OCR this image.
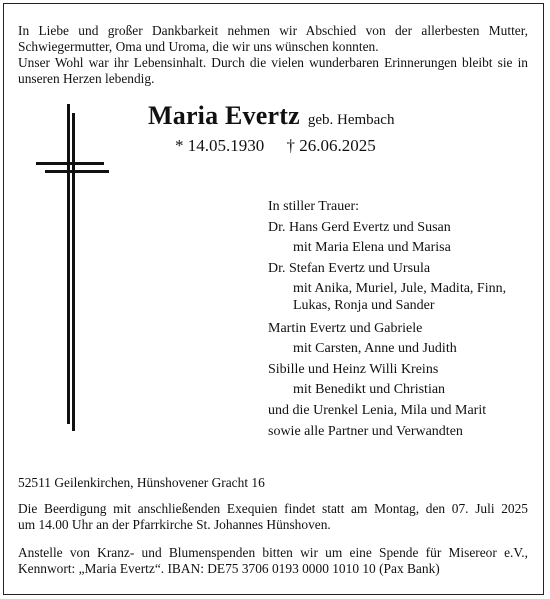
In Liebe und großer Dankbarkeit nehmen wir Abschied von der allerbesten Mutter,

Schwiegermutter, Oma und Uroma, die wir uns wünschen konnten.

Unser Wohl war ihr Lebensinhalt. Durch die vielen wunderbaren Erinnerungen bleibt sie in

unseren Herzen lebendig.

Maria Evertz geb. Hembach
* 14.05.1930 † 26.06.2025
In stiller Trauer:
Dr. Hans Gerd Evertz und Susan
mit Maria Elena und Marisa
Dr. Stefan Evertz und Ursula
mit Anika, Muriel, Jule, Madita, Finn,
Lukas, Ronja und Sander
Martin Evertz und Gabriele
mit Carsten, Anne und Judith
Sibille und Heinz Willi Kreins
mit Benedikt und Christian
und die Urenkel Lenia, Mila und Marit
sowie alle Partner und Verwandten
52511 Geilenkirchen, Hünshovener Gracht 16

Die Beerdigung mit anschließenden Exequien findet statt am Montag, den 07. Juli 2025

um 14.00 Uhr an der Pfarrkirche St. Johannes Hünshoven.

Anstelle von Kranz- und Blumenspenden bitten wir um eine Spende für Misereor e.V.,

Kennwort: „Maria Evertz“. IBAN: DE75 3706 0193 0000 1010 10 (Pax Bank)
